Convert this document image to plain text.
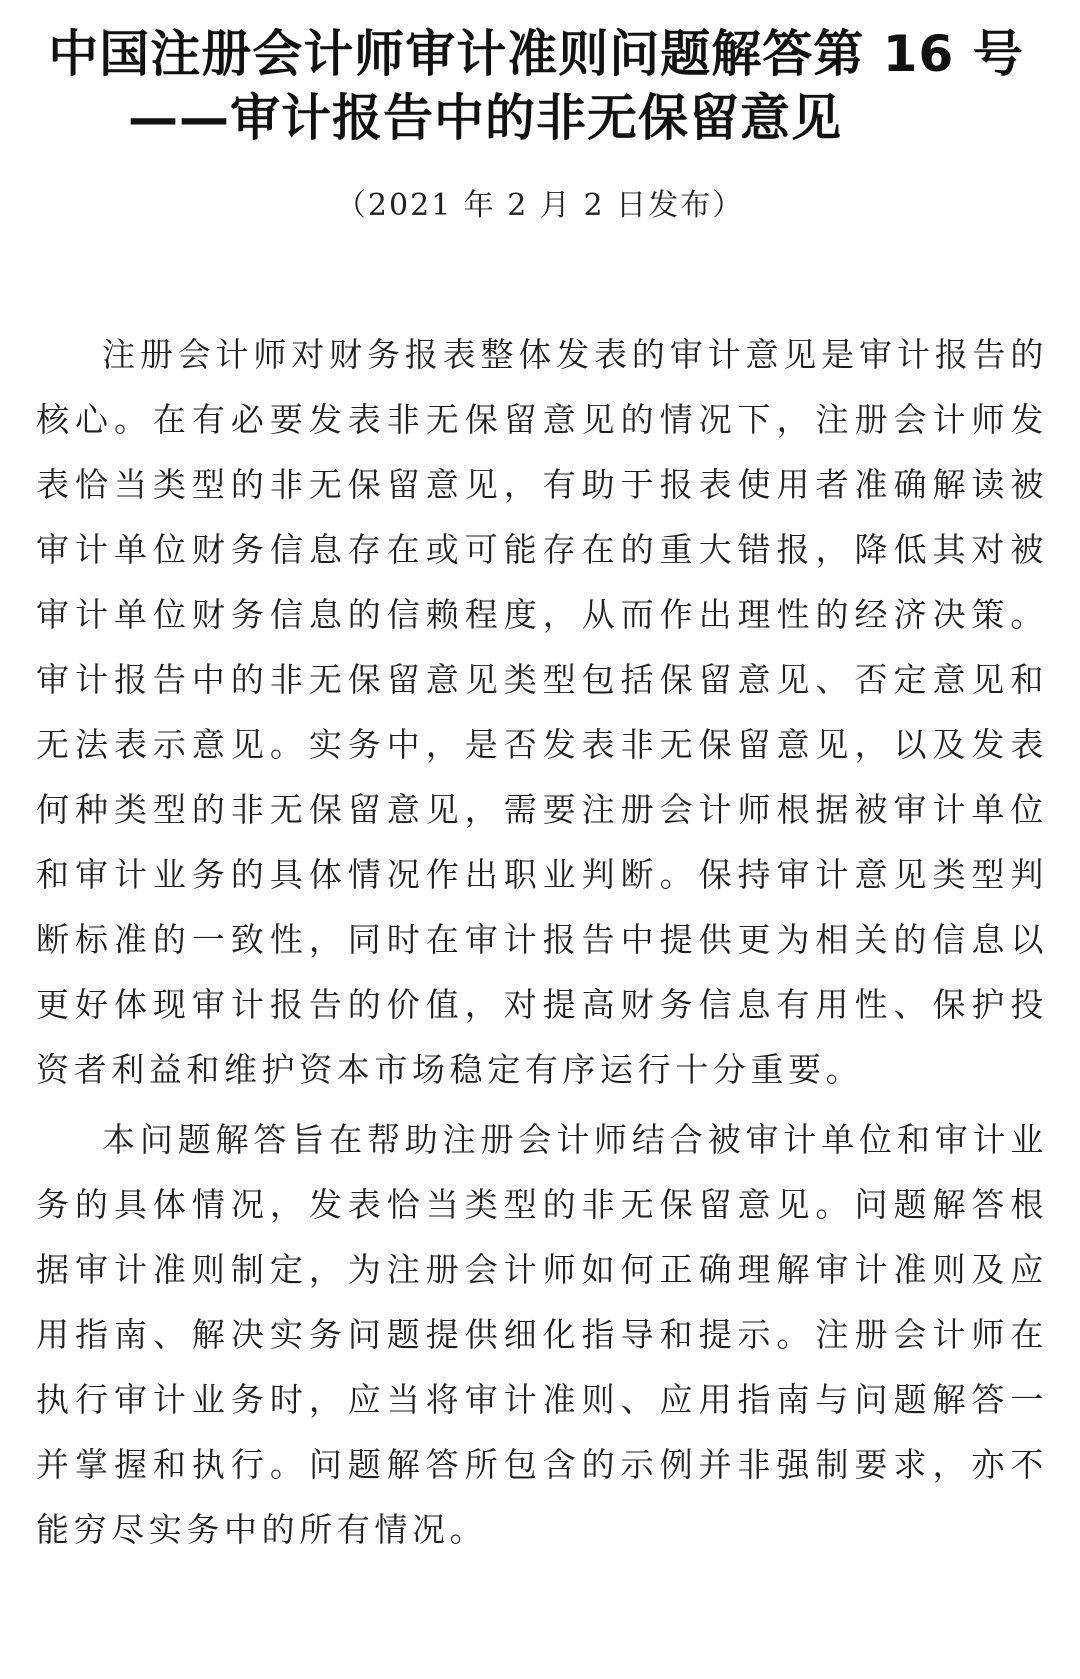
中国注册会计师审计准则问题解答第 16 号
——审计报告中的非无保留意见
（2021 年 2 月 2 日发布）

注册会计师对财务报表整体发表的审计意见是审计报告的核心。在有必要发表非无保留意见的情况下，注册会计师发表恰当类型的非无保留意见，有助于报表使用者准确解读被审计单位财务信息存在或可能存在的重大错报，降低其对被审计单位财务信息的信赖程度，从而作出理性的经济决策。审计报告中的非无保留意见类型包括保留意见、否定意见和无法表示意见。实务中，是否发表非无保留意见，以及发表何种类型的非无保留意见，需要注册会计师根据被审计单位和审计业务的具体情况作出职业判断。保持审计意见类型判断标准的一致性，同时在审计报告中提供更为相关的信息以更好体现审计报告的价值，对提高财务信息有用性、保护投资者利益和维护资本市场稳定有序运行十分重要。

本问题解答旨在帮助注册会计师结合被审计单位和审计业务的具体情况，发表恰当类型的非无保留意见。问题解答根据审计准则制定，为注册会计师如何正确理解审计准则及应用指南、解决实务问题提供细化指导和提示。注册会计师在执行审计业务时，应当将审计准则、应用指南与问题解答一并掌握和执行。问题解答所包含的示例并非强制要求，亦不能穷尽实务中的所有情况。
